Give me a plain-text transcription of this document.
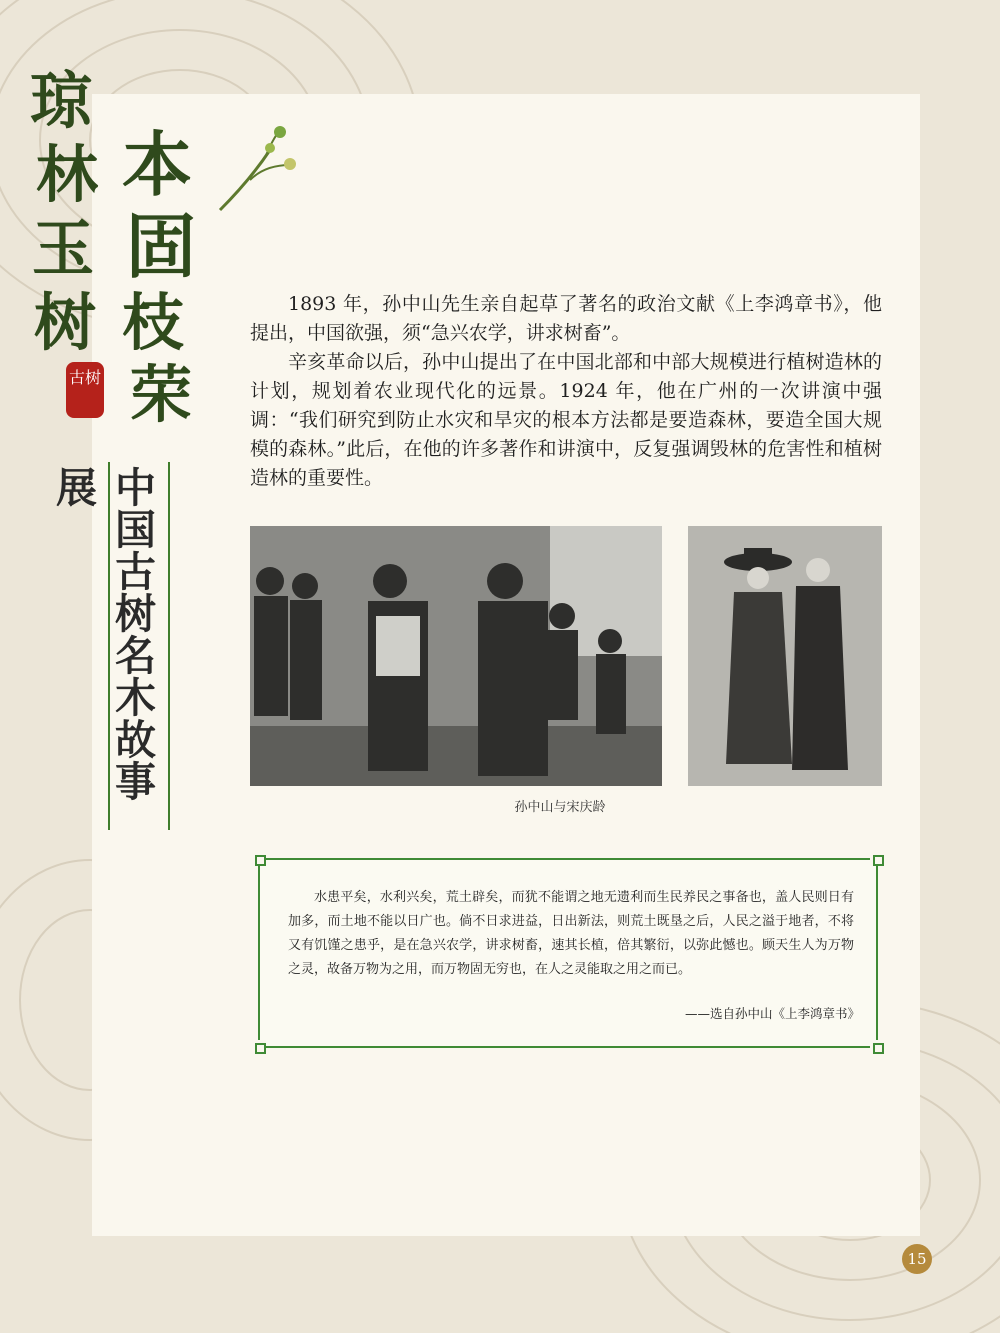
琼
林
玉
树
本
固
枝
荣
古树
中国古树名木故事展

1893 年，孙中山先生亲自起草了著名的政治文献《上李鸿章书》，他提出，中国欲强，须“急兴农学，讲求树畜”。

辛亥革命以后，孙中山提出了在中国北部和中部大规模进行植树造林的计划，规划着农业现代化的远景。1924 年，他在广州的一次讲演中强调：“我们研究到防止水灾和旱灾的根本方法都是要造森林，要造全国大规模的森林。”此后，在他的许多著作和讲演中，反复强调毁林的危害性和植树造林的重要性。

孙中山与宋庆龄

水患平矣，水利兴矣，荒土辟矣，而犹不能谓之地无遗利而生民养民之事备也，盖人民则日有加多，而土地不能以日广也。倘不日求进益，日出新法，则荒土既垦之后，人民之溢于地者，不将又有饥馑之患乎，是在急兴农学，讲求树畜，速其长植，倍其繁衍，以弥此憾也。顾天生人为万物之灵，故备万物为之用，而万物固无穷也，在人之灵能取之用之而已。

——选自孙中山《上李鸿章书》
15
